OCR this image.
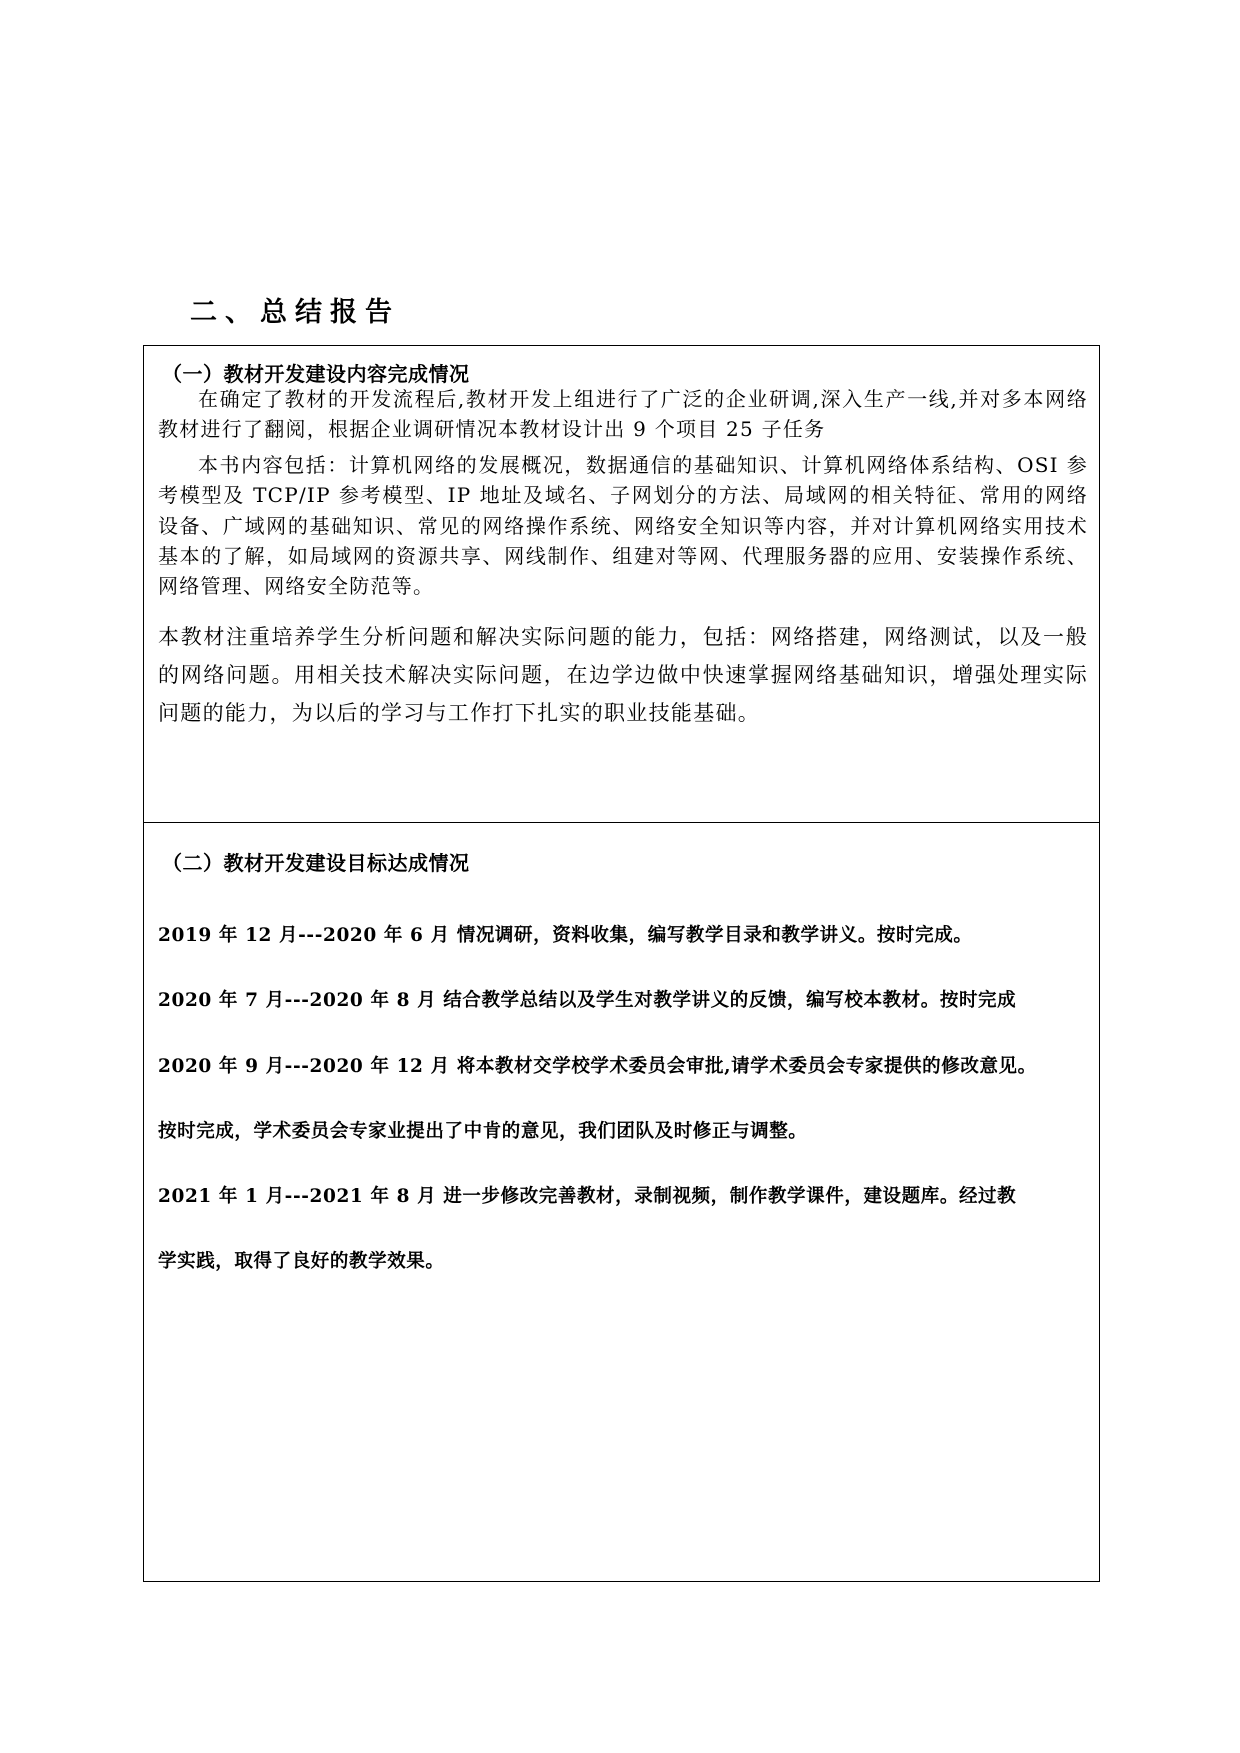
二、总结报告
（一）教材开发建设内容完成情况

在确定了教材的开发流程后,教材开发上组进行了广泛的企业研调,深入生产一线,并对多本网络教材进行了翻阅，根据企业调研情况本教材设计出 9 个项目 25 子任务

本书内容包括：计算机网络的发展概况，数据通信的基础知识、计算机网络体系结构、OSI 参考模型及 TCP/IP 参考模型、IP 地址及域名、子网划分的方法、局域网的相关特征、常用的网络设备、广域网的基础知识、常见的网络操作系统、网络安全知识等内容，并对计算机网络实用技术基本的了解，如局域网的资源共享、网线制作、组建对等网、代理服务器的应用、安装操作系统、网络管理、网络安全防范等。

本教材注重培养学生分析问题和解决实际问题的能力，包括：网络搭建，网络测试，以及一般的网络问题。用相关技术解决实际问题，在边学边做中快速掌握网络基础知识，增强处理实际问题的能力，为以后的学习与工作打下扎实的职业技能基础。

（二）教材开发建设目标达成情况
2019 年 12 月---2020 年 6 月 情况调研，资料收集，编写教学目录和教学讲义。按时完成。
2020 年 7 月---2020 年 8 月 结合教学总结以及学生对教学讲义的反馈，编写校本教材。按时完成
2020 年 9 月---2020 年 12 月 将本教材交学校学术委员会审批,请学术委员会专家提供的修改意见。
按时完成，学术委员会专家业提出了中肯的意见，我们团队及时修正与调整。
2021 年 1 月---2021 年 8 月 进一步修改完善教材，录制视频，制作教学课件，建设题库。经过教
学实践，取得了良好的教学效果。
